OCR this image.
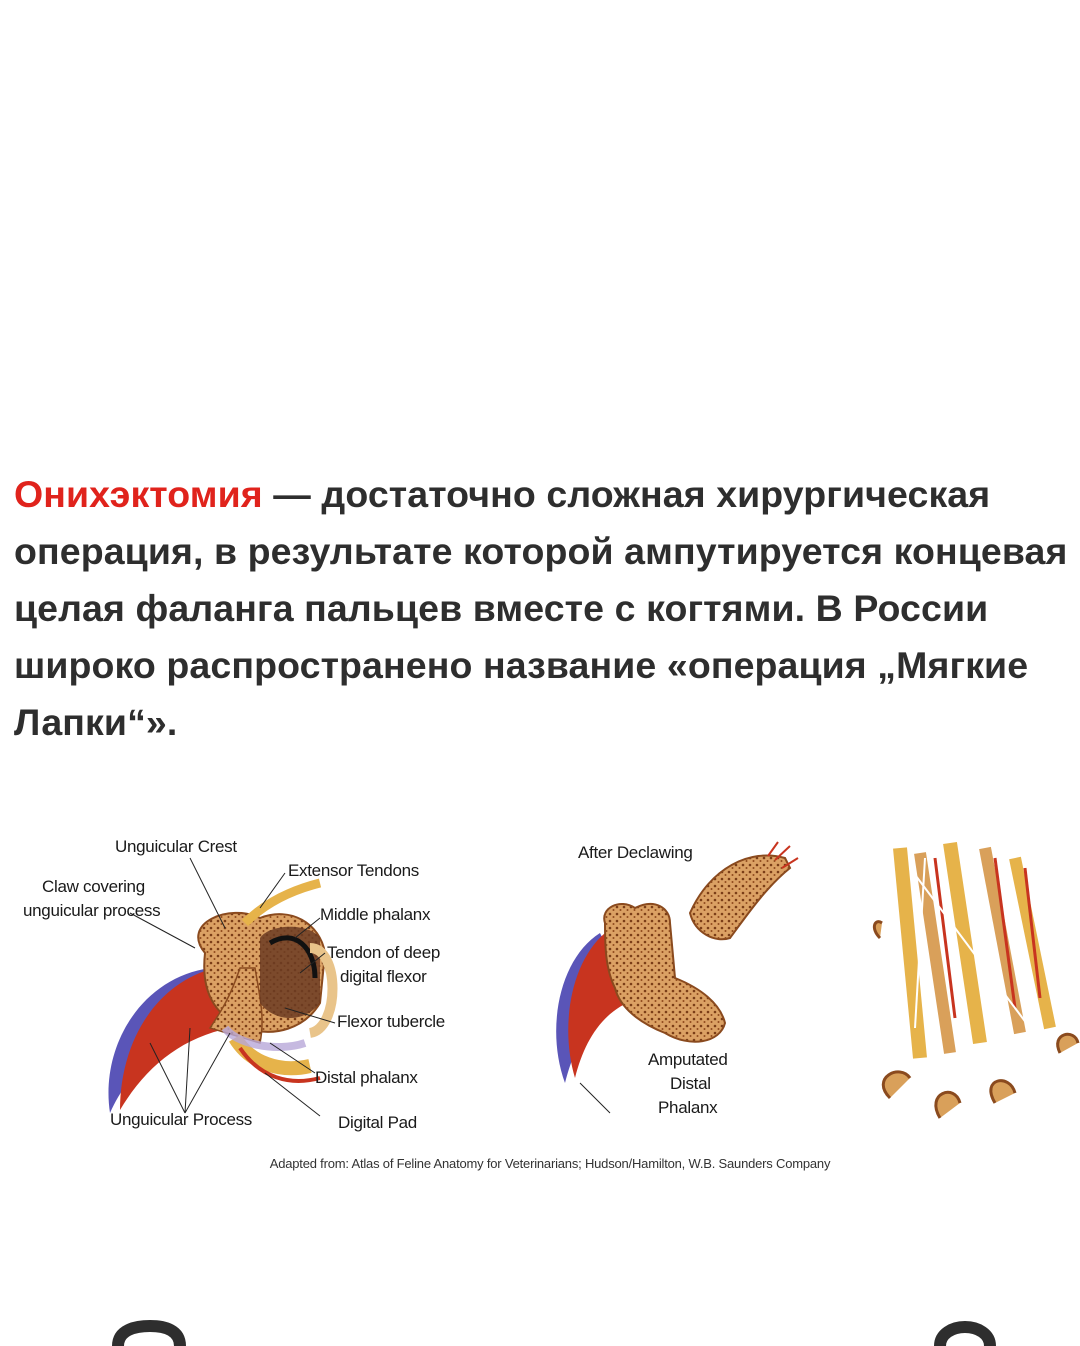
Онихэктомия — достаточно сложная хирургическая операция, в результате которой ампутируется концевая целая фаланга пальцев вместе с когтями. В России широко распространено название «операция „Мягкие Лапки“».

Unguicular Crest
Extensor Tendons
Claw covering
unguicular process	Middle phalanx
Tendon of deep
digital flexor
Flexor tubercle
Distal phalanx
Unguicular Process	Digital Pad
After Declawing
Amputated
Distal
Phalanx
Adapted from: Atlas of Feline Anatomy for Veterinarians; Hudson/Hamilton, W.B. Saunders Company
